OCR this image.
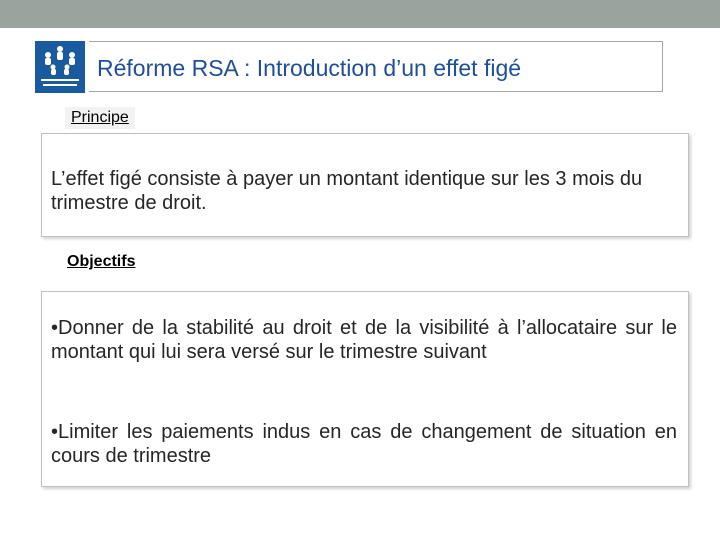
Réforme RSA : Introduction d’un effet figé
Principe
L’effet figé consiste à payer un montant identique sur les 3 mois du trimestre de droit.
Objectifs
•Donner de la stabilité au droit et de la visibilité à l’allocataire sur le montant qui lui sera versé sur le trimestre suivant
•Limiter les paiements indus en cas de changement de situation en cours de trimestre
